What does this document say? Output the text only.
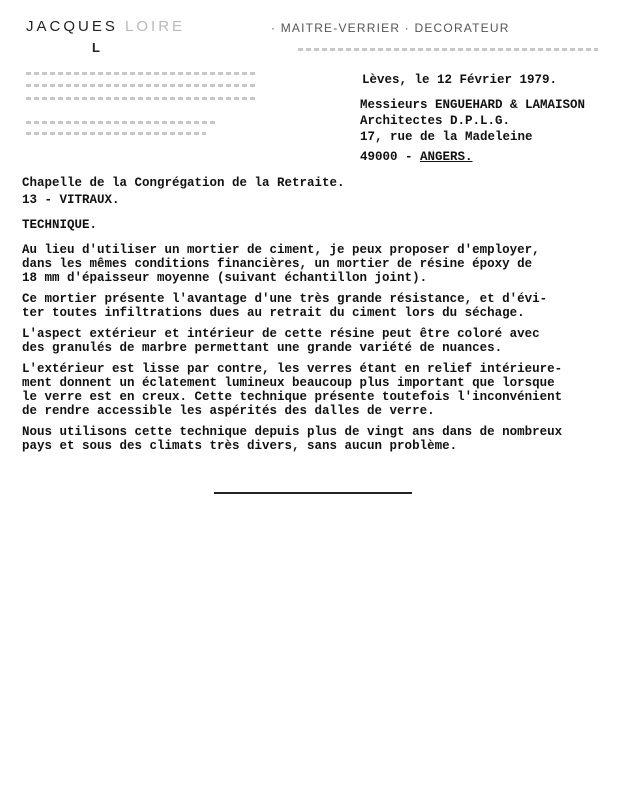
JACQUES LOIRE	· MAITRE-VERRIER · DECORATEUR
L
Lèves, le 12 Février 1979.
Messieurs ENGUEHARD & LAMAISON
Architectes D.P.L.G.
17, rue de la Madeleine
49000 - ANGERS.
Chapelle de la Congrégation de la Retraite.
13 - VITRAUX.
TECHNIQUE.

Au lieu d'utiliser un mortier de ciment, je peux proposer d'employer,
dans les mêmes conditions financières, un mortier de résine époxy de
18 mm d'épaisseur moyenne (suivant échantillon joint).

Ce mortier présente l'avantage d'une très grande résistance, et d'évi-
ter toutes infiltrations dues au retrait du ciment lors du séchage.

L'aspect extérieur et intérieur de cette résine peut être coloré avec
des granulés de marbre permettant une grande variété de nuances.

L'extérieur est lisse par contre, les verres étant en relief intérieure-
ment donnent un éclatement lumineux beaucoup plus important que lorsque
le verre est en creux. Cette technique présente toutefois l'inconvénient
de rendre accessible les aspérités des dalles de verre.

Nous utilisons cette technique depuis plus de vingt ans dans de nombreux
pays et sous des climats très divers, sans aucun problème.
